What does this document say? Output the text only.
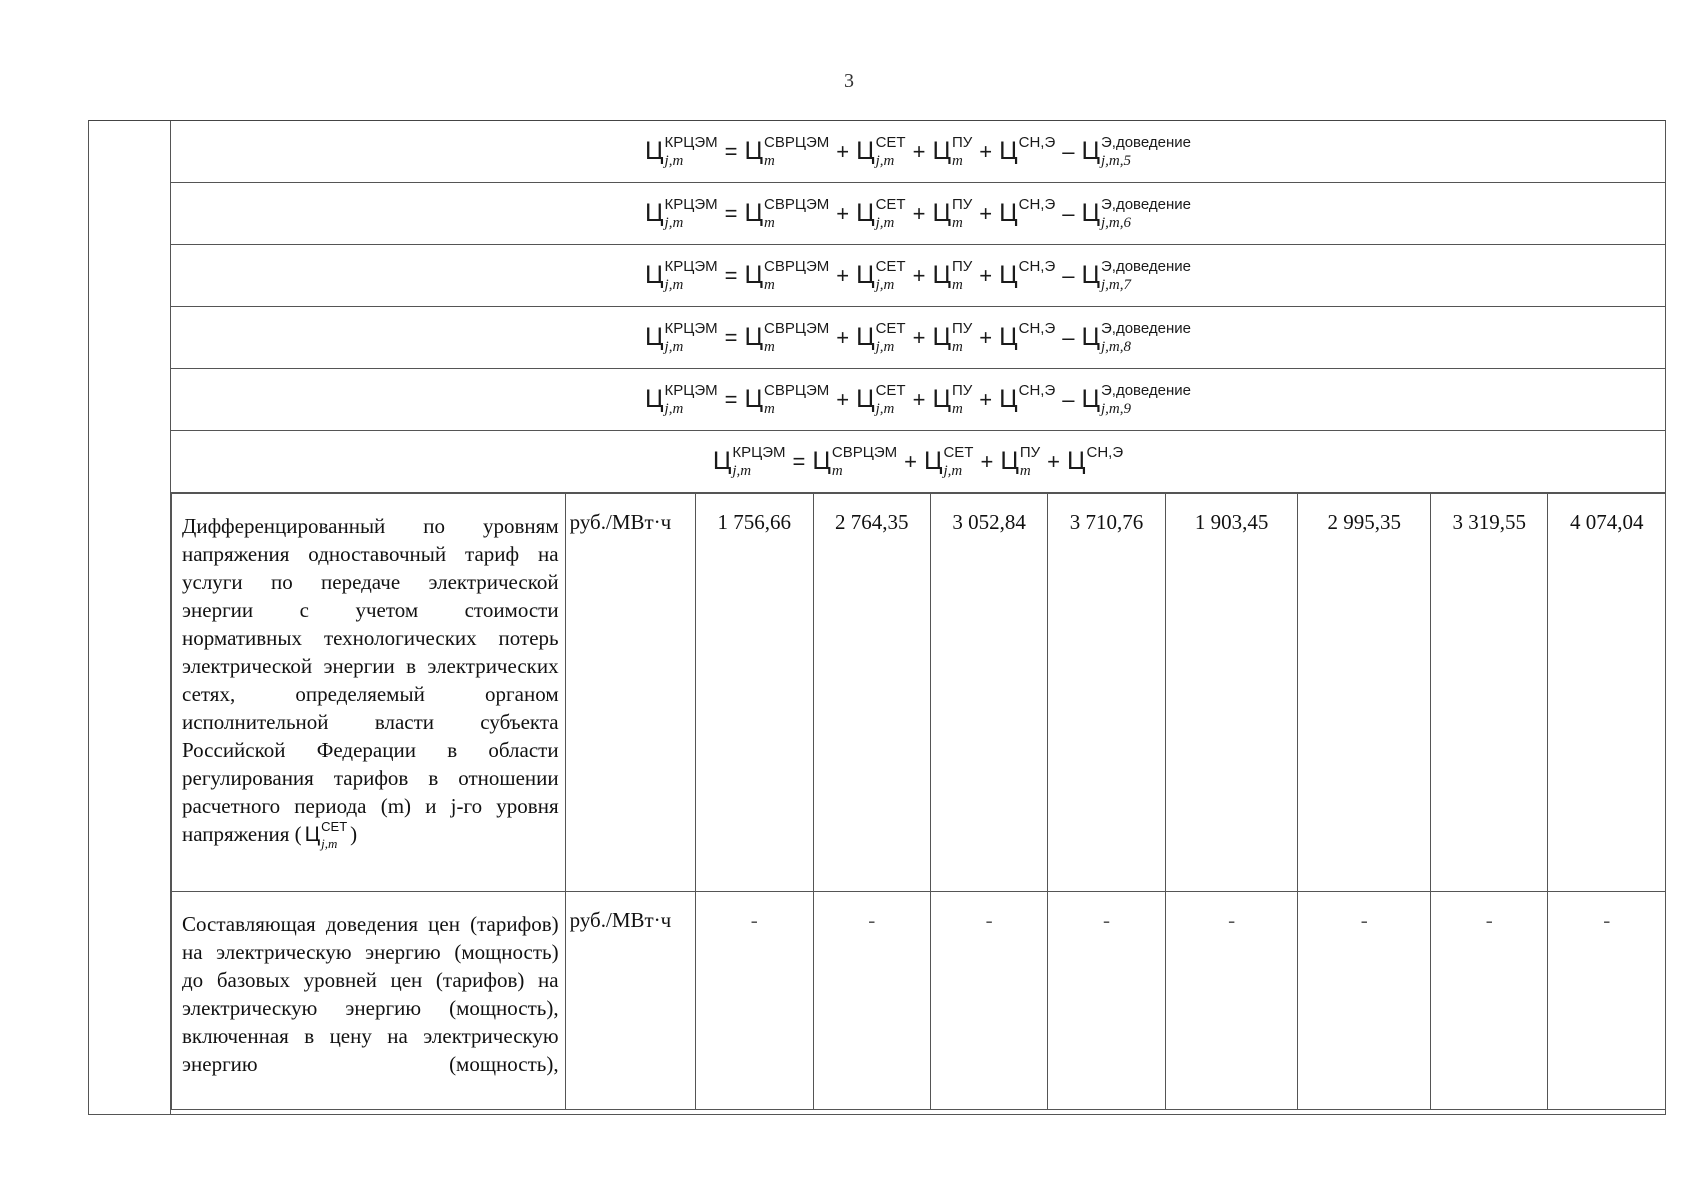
3
Ц КРЦЭМ
j,m	= Ц СВРЦЭМ
m	+ Ц СЕТ
j,m + Ц ПУ
m + Ц СН,Э
– Ц Э,доведение
j,m,5
Ц КРЦЭМ
j,m	= Ц СВРЦЭМ
m	+ Ц СЕТ
j,m + Ц ПУ
m + Ц СН,Э
– Ц Э,доведение
j,m,6
Ц КРЦЭМ
j,m	= Ц СВРЦЭМ
m	+ Ц СЕТ
j,m + Ц ПУ
m + Ц СН,Э
– Ц Э,доведение
j,m,7
Ц КРЦЭМ
j,m	= Ц СВРЦЭМ
m	+ Ц СЕТ
j,m + Ц ПУ
m + Ц СН,Э
– Ц Э,доведение
j,m,8
Ц КРЦЭМ
j,m	= Ц СВРЦЭМ
m	+ Ц СЕТ
j,m + Ц ПУ
m + Ц СН,Э
– Ц Э,доведение
j,m,9
Ц КРЦЭМ
j,m	= Ц СВРЦЭМ
m	+ Ц СЕТ
j,m + Ц ПУ
m + Ц СН,Э

Дифференцированный по уровням напряжения одноставочный тариф на услуги по передаче электрической энергии с учетом стоимости нормативных технологических потерь электрической энергии в электрических сетях, определяемый органом исполнительной власти субъекта Российской Федерации в области регулирования тарифов в отношении расчетного периода (m) и j-го уровня напряжения ( Ц СЕТ
j,m )	руб./МВт·ч	1 756,66	2 764,35	3 052,84	3 710,76	1 903,45	2 995,35	3 319,55	4 074,04
Составляющая доведения цен (тарифов) на электрическую энергию (мощность) до базовых уровней цен (тарифов) на электрическую энергию (мощность), включенная в цену на электрическую энергию (мощность),	руб./МВт·ч	-	-	-	-	-	-	-	-
